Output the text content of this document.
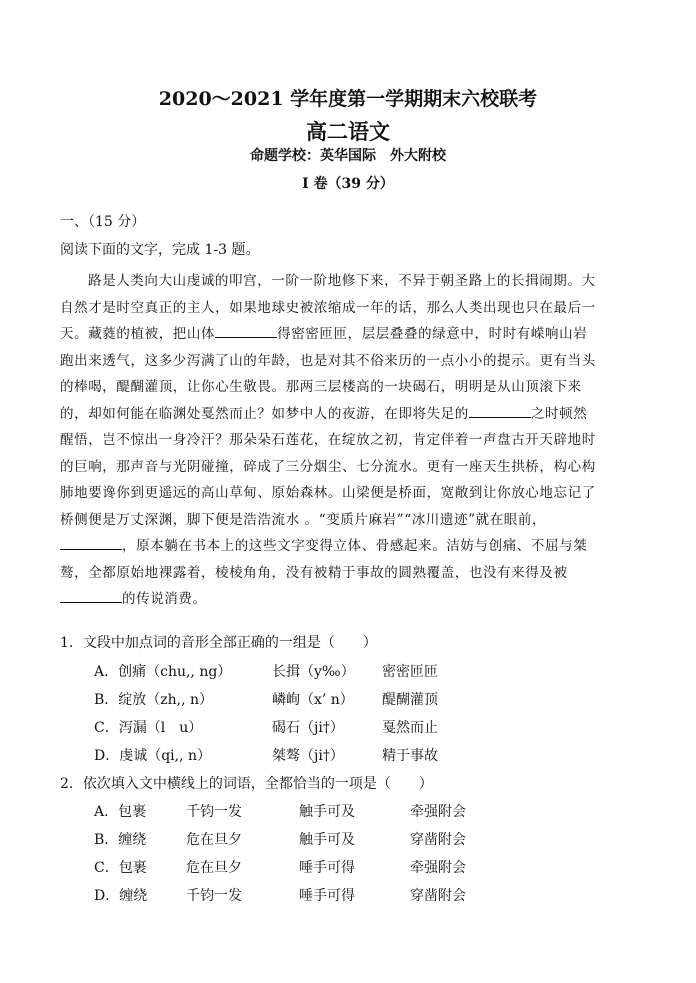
2020～2021 学年度第一学期期末六校联考
高二语文
命题学校：英华国际　外大附校
I 卷（39 分）
一、（15 分）
阅读下面的文字，完成 1-3 题。
路是人类向大山虔诚的叩宫，一阶一阶地修下来，不异于朝圣路上的长揖闹期。大
自然才是时空真正的主人，如果地球史被浓缩成一年的话，那么人类出现也只在最后一
天。藏蕤的植被，把山体	得密密匝匝，层层叠叠的绿意中，时时有嵘响山岩
跑出来透气，这多少泻满了山的年龄，也是对其不俗来历的一点小小的提示。更有当头
的棒喝，醍醐灌顶，让你心生敬畏。那两三层楼高的一块碣石，明明是从山顶滚下来
的，却如何能在临渊处戛然而止？如梦中人的夜游，在即将失足的	之时顿然
醒悟，岂不惊出一身冷汗？那朵朵石莲花，在绽放之初，肯定伴着一声盘古开天辟地时
的巨响，那声音与光阴碰撞，碎成了三分烟尘、七分流水。更有一座天生拱桥，构心构
肺地要谗你到更遥远的高山草甸、原始森林。山梁便是桥面，宽敞到让你放心地忘记了
桥侧便是万丈深渊，脚下便是浩浩流水 。“变质片麻岩”“冰川遗迹”就在眼前，
，原本躺在书本上的这些文字变得立体、骨感起来。洁妨与创痛、不屈与桀
骜，全都原始地裸露着，棱棱角角，没有被精于事故的圆熟覆盖，也没有来得及被
的传说消费。
1．文段中加点词的音形全部正确的一组是（　　）
A．创痛（chu,, ng）	长揖（y‰） 密密匝匝
B．绽放（zh,, n）	嶙峋（x’ n） 醍醐灌顶
C．泻漏（l　u）	碣石（ji†）	戛然而止
D．虔诚（qi,, n）	桀骜（ji†）	精于事故
2．依次填入文中横线上的词语，全都恰当的一项是（　　）
A．包裹	千钧一发	触手可及	牵强附会
B．缠绕	危在旦夕	触手可及	穿凿附会
C．包裹	危在旦夕	唾手可得	牵强附会
D．缠绕	千钧一发	唾手可得	穿凿附会
